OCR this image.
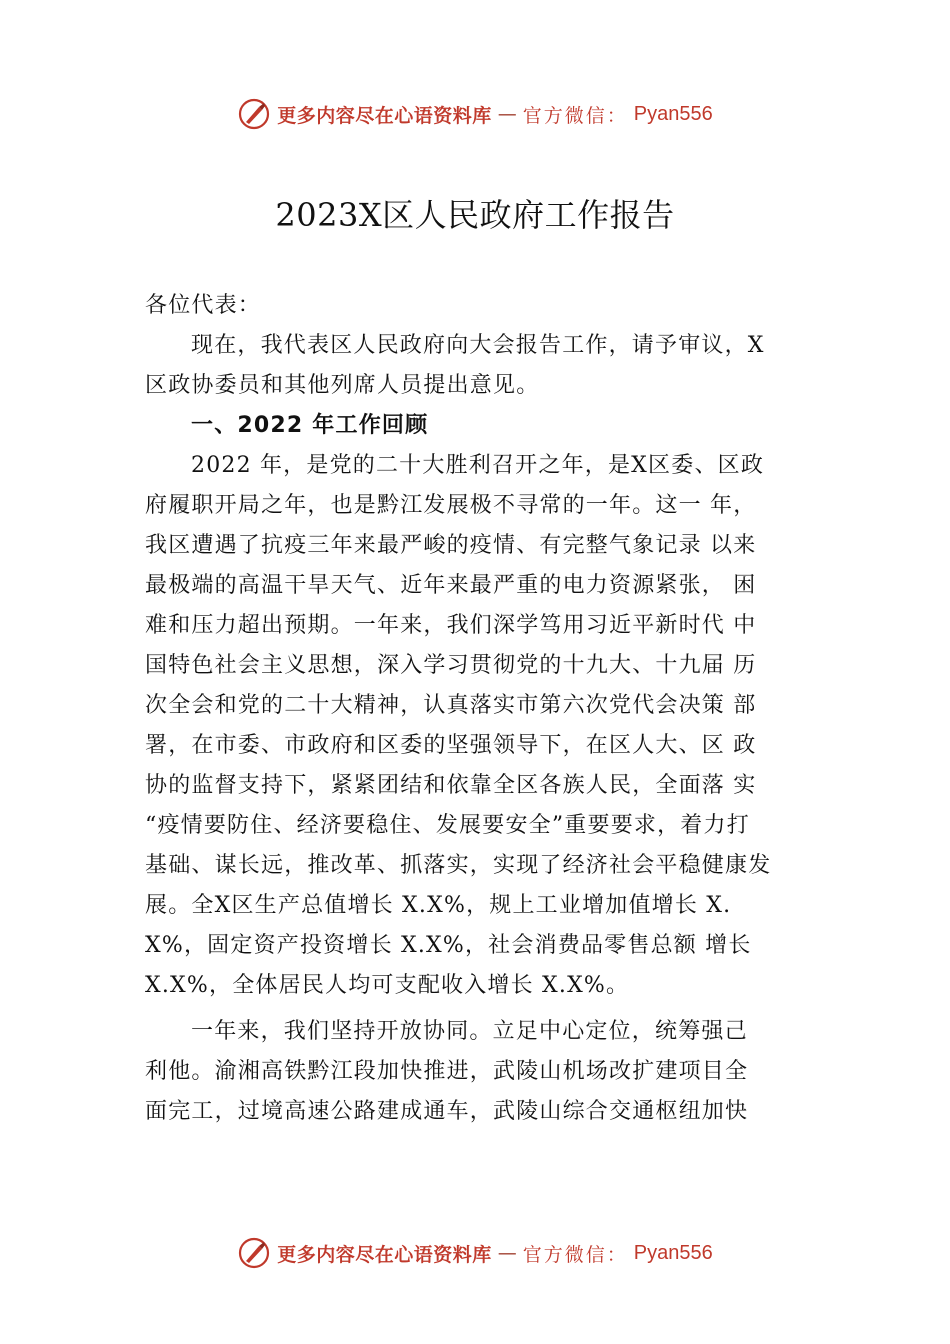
更多内容尽在心语资料库 — 官方微信： Pyan556
2023X区人民政府工作报告
各位代表：
现在，我代表区人民政府向大会报告工作，请予审议，X
区政协委员和其他列席人员提出意见。
一、2022 年工作回顾
2022 年，是党的二十大胜利召开之年，是X区委、区政
府履职开局之年，也是黔江发展极不寻常的一年。这一 年，
我区遭遇了抗疫三年来最严峻的疫情、有完整气象记录 以来
最极端的高温干旱天气、近年来最严重的电力资源紧张， 困
难和压力超出预期。一年来，我们深学笃用习近平新时代 中
国特色社会主义思想，深入学习贯彻党的十九大、十九届 历
次全会和党的二十大精神，认真落实市第六次党代会决策 部
署，在市委、市政府和区委的坚强领导下，在区人大、区 政
协的监督支持下，紧紧团结和依靠全区各族人民，全面落 实
“疫情要防住、经济要稳住、发展要安全”重要要求，着力打
基础、谋长远，推改革、抓落实，实现了经济社会平稳健康发
展。全X区生产总值增长 X.X%，规上工业增加值增长 X.
X%，固定资产投资增长 X.X%，社会消费品零售总额 增长
X.X%，全体居民人均可支配收入增长 X.X%。
一年来，我们坚持开放协同。立足中心定位，统筹强己
利他。渝湘高铁黔江段加快推进，武陵山机场改扩建项目全
面完工，过境高速公路建成通车，武陵山综合交通枢纽加快
更多内容尽在心语资料库 — 官方微信： Pyan556
